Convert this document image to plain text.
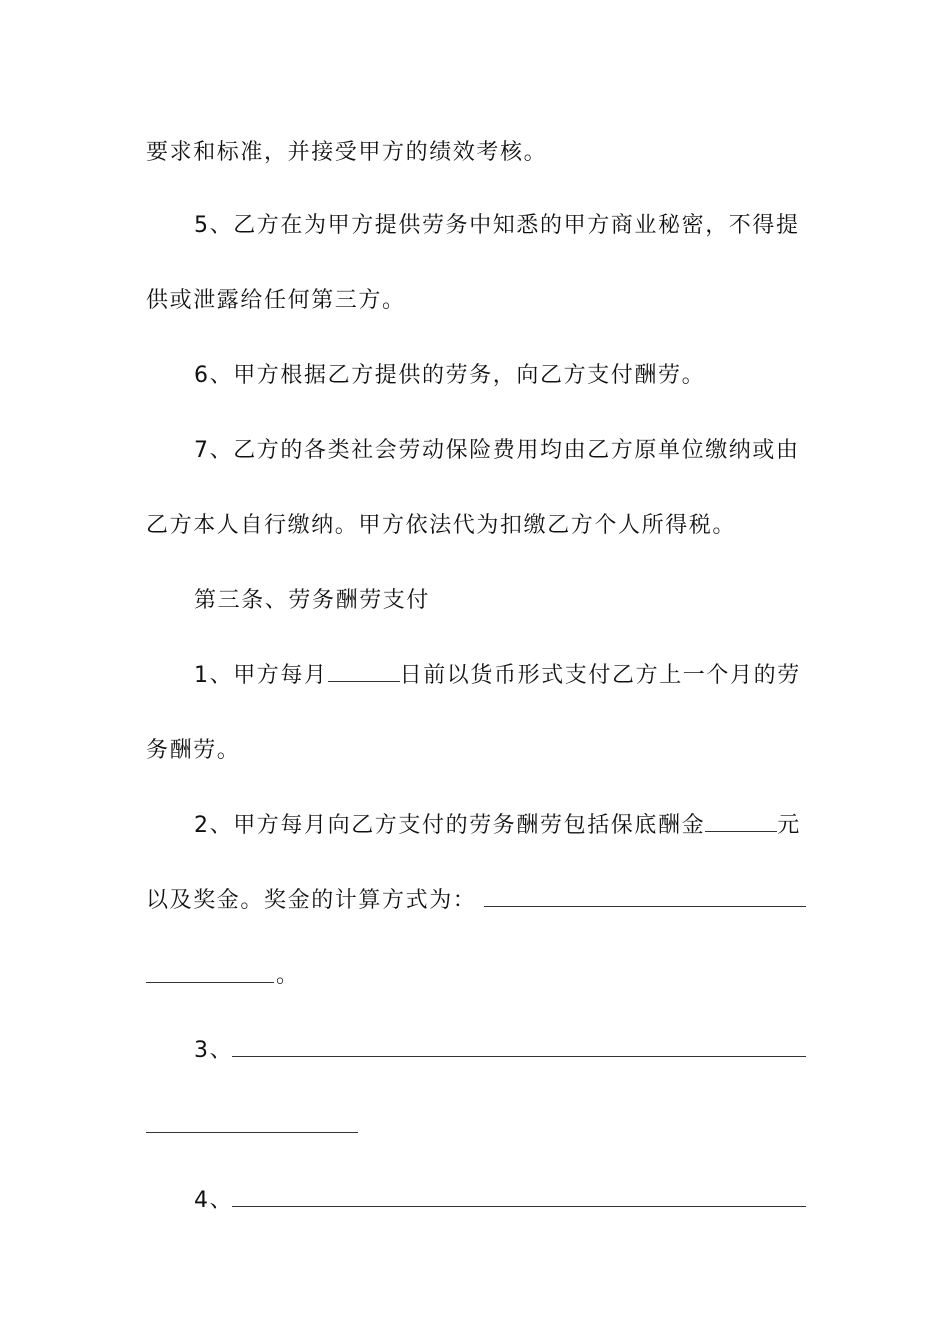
要求和标准，并接受甲方的绩效考核。
5、乙方在为甲方提供劳务中知悉的甲方商业秘密，不得提
供或泄露给任何第三方。
6、甲方根据乙方提供的劳务，向乙方支付酬劳。
7、乙方的各类社会劳动保险费用均由乙方原单位缴纳或由
乙方本人自行缴纳。甲方依法代为扣缴乙方个人所得税。
第三条、劳务酬劳支付
1、甲方每月	日前以货币形式支付乙方上一个月的劳
务酬劳。
2、甲方每月向乙方支付的劳务酬劳包括保底酬金	元
以及奖金。奖金的计算方式为：
。
3、
4、
